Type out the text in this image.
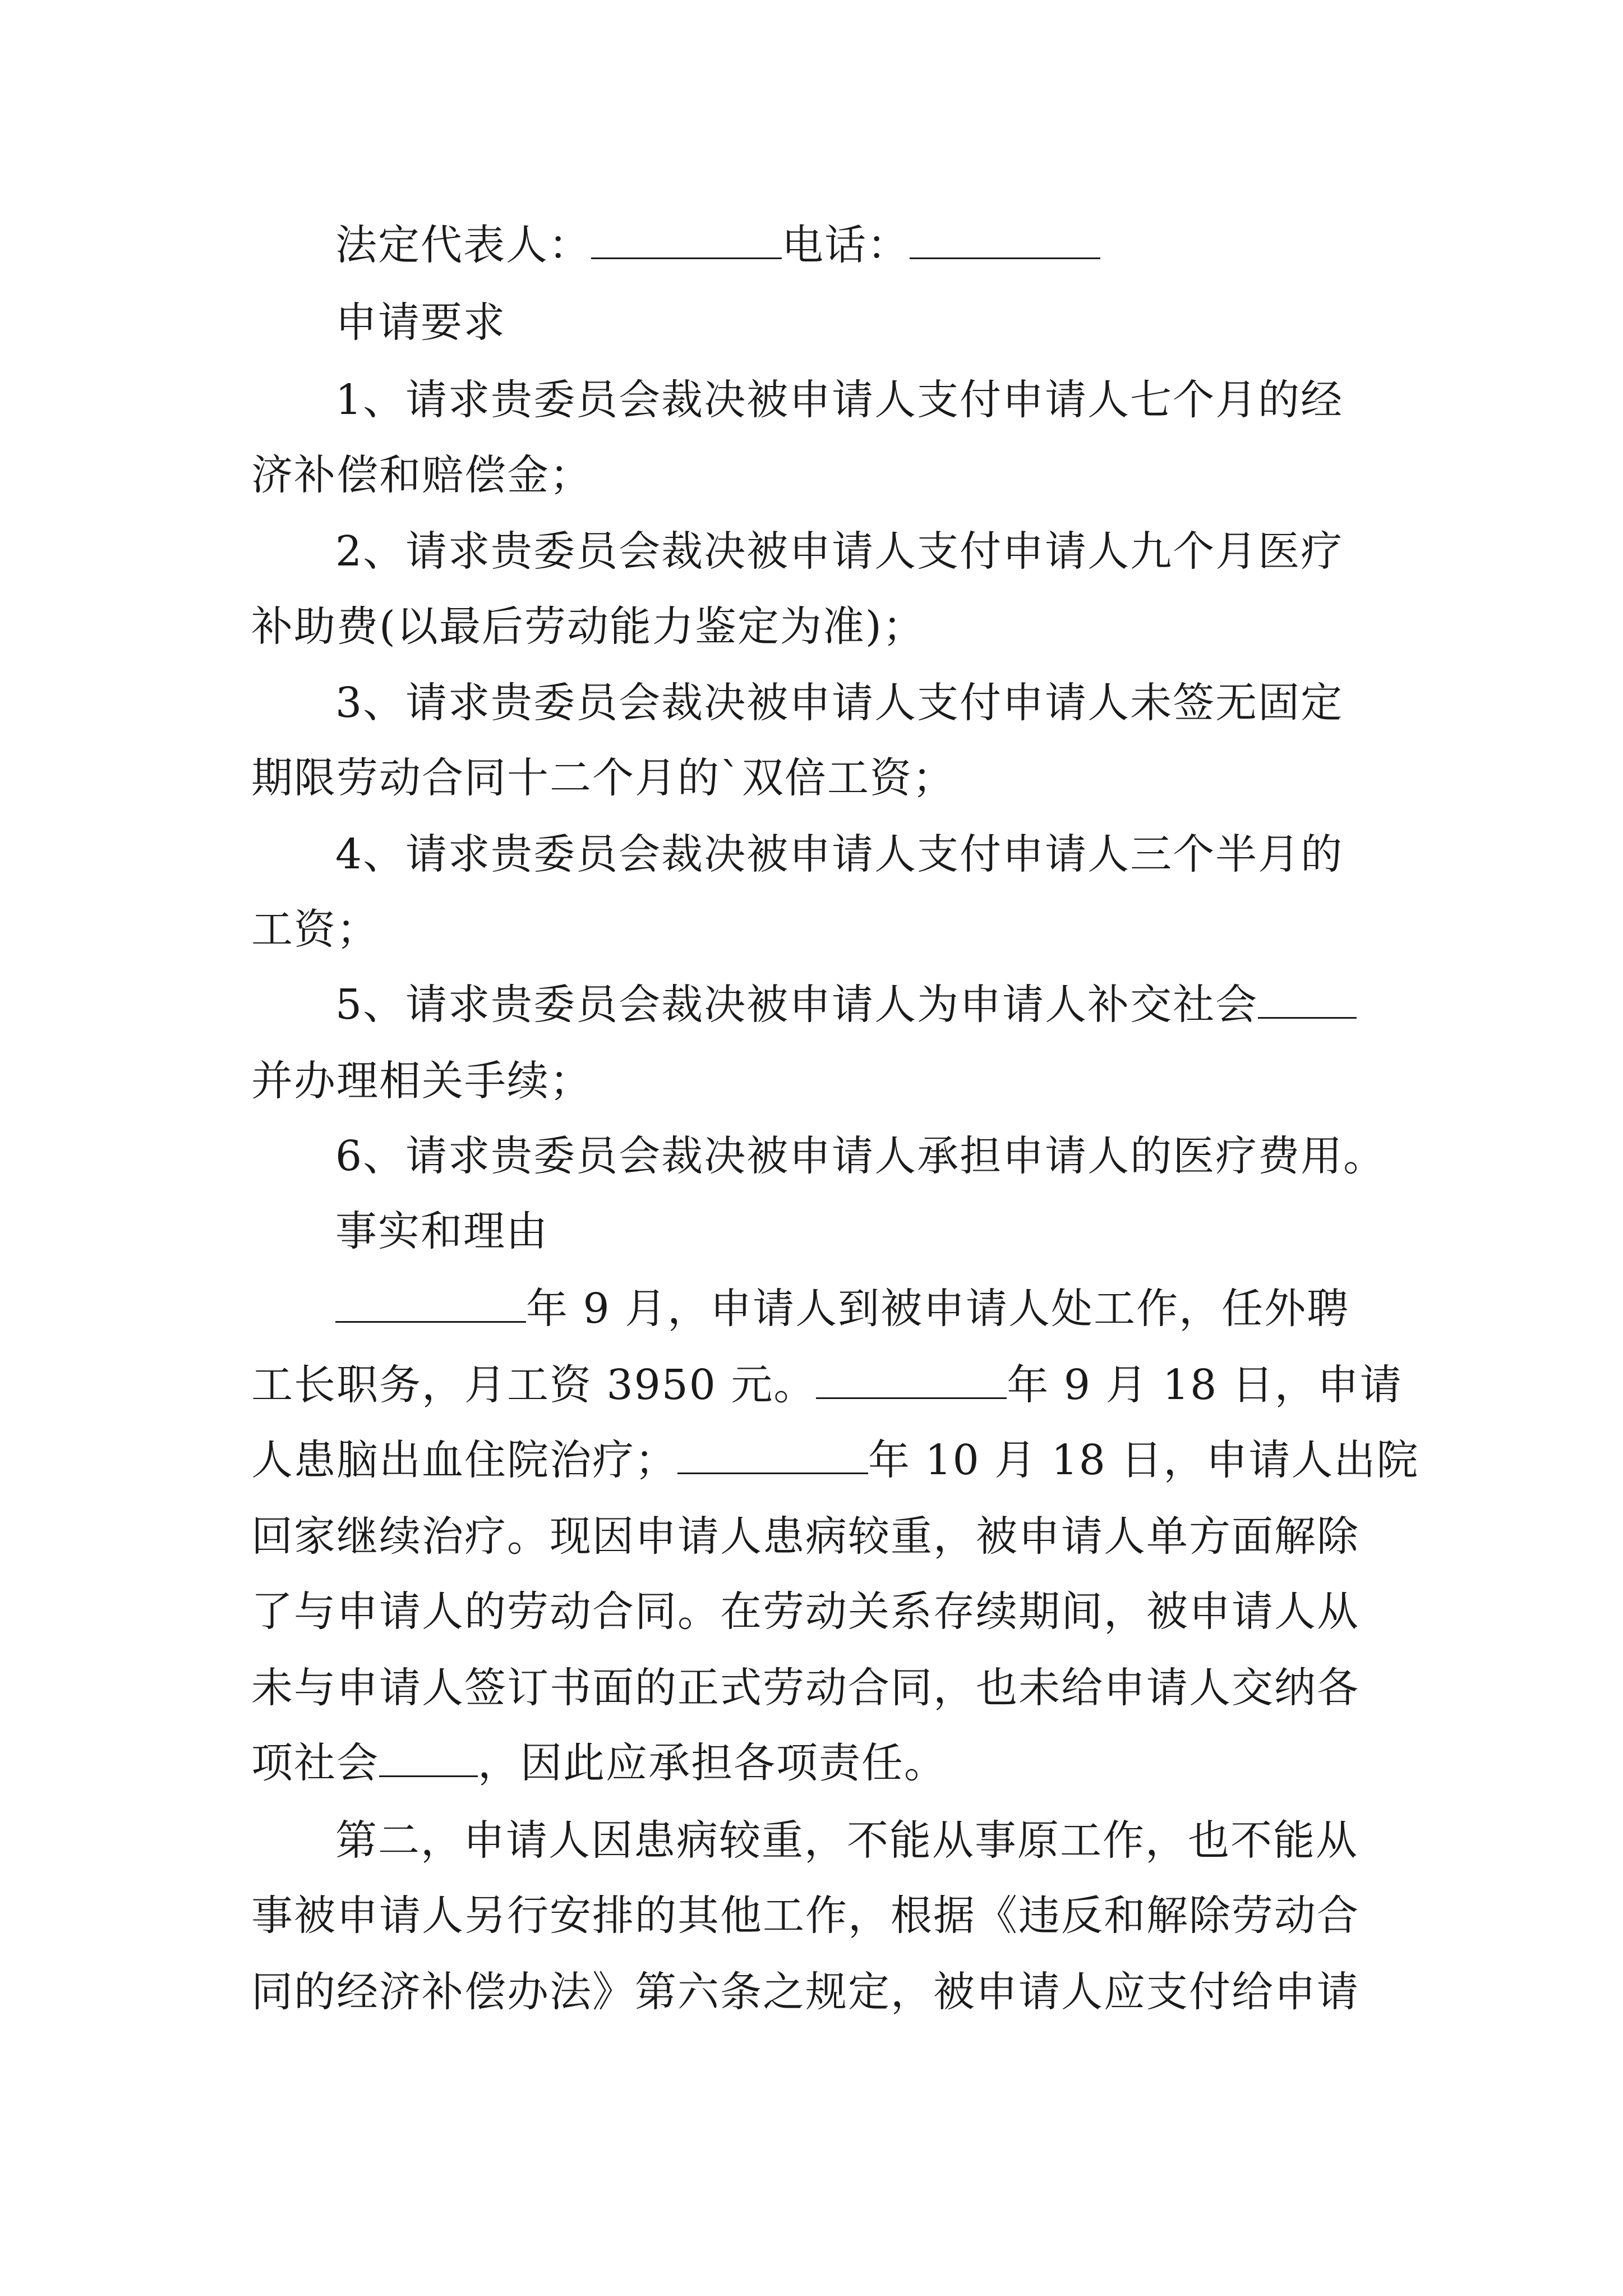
法定代表人：	电话：
申请要求
1、请求贵委员会裁决被申请人支付申请人七个月的经
济补偿和赔偿金；
2、请求贵委员会裁决被申请人支付申请人九个月医疗
补助费(以最后劳动能力鉴定为准)；
3、请求贵委员会裁决被申请人支付申请人未签无固定
期限劳动合同十二个月的`双倍工资；
4、请求贵委员会裁决被申请人支付申请人三个半月的
工资；
5、请求贵委员会裁决被申请人为申请人补交社会
并办理相关手续；
6、请求贵委员会裁决被申请人承担申请人的医疗费用。
事实和理由
年 9 月，申请人到被申请人处工作，任外聘
工长职务，月工资 3950 元。	年 9 月 18 日，申请
人患脑出血住院治疗；	年 10 月 18 日，申请人出院
回家继续治疗。现因申请人患病较重，被申请人单方面解除
了与申请人的劳动合同。在劳动关系存续期间，被申请人从
未与申请人签订书面的正式劳动合同，也未给申请人交纳各
项社会 ，因此应承担各项责任。
第二，申请人因患病较重，不能从事原工作，也不能从
事被申请人另行安排的其他工作，根据《违反和解除劳动合
同的经济补偿办法》第六条之规定，被申请人应支付给申请
